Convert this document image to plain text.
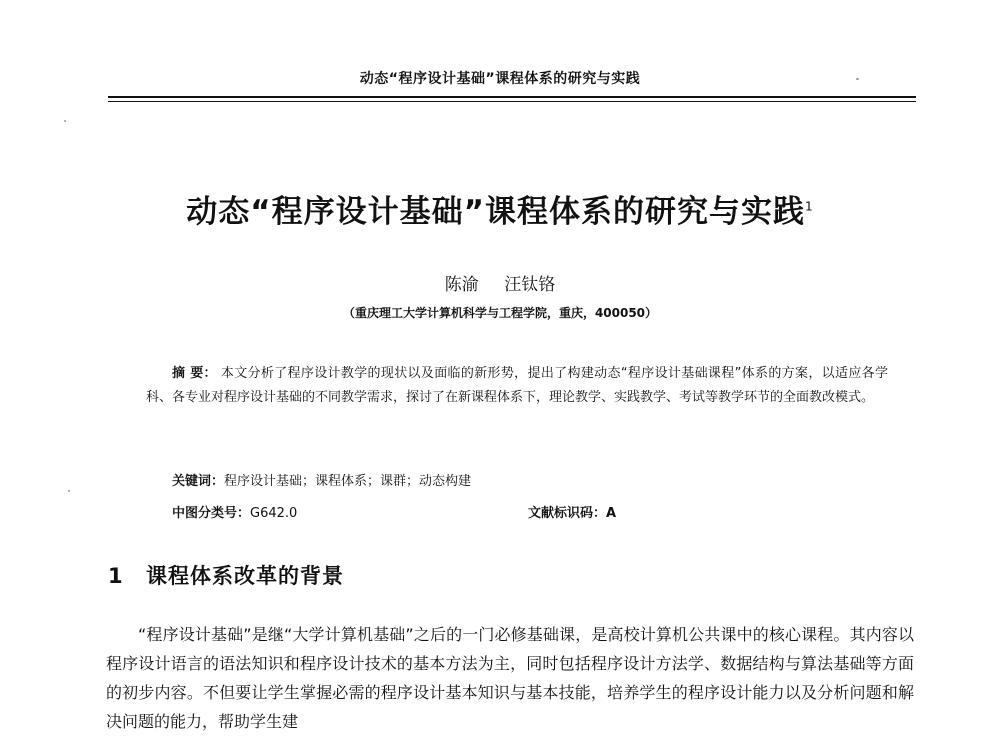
动态“程序设计基础”课程体系的研究与实践
动态“程序设计基础”课程体系的研究与实践$^1$
陈渝 汪钛铬
（重庆理工大学计算机科学与工程学院，重庆，400050）
摘 要： 本文分析了程序设计教学的现状以及面临的新形势，提出了构建动态“程序设计基础课程”体系的方案，以适应各学科、各专业对程序设计基础的不同教学需求，探讨了在新课程体系下，理论教学、实践教学、考试等教学环节的全面教改模式。
关键词：程序设计基础；课程体系；课群；动态构建
中图分类号：G642.0	文献标识码：A
1 课程体系改革的背景
“程序设计基础”是继“大学计算机基础”之后的一门必修基础课，是高校计算机公共课中的核心课程。其内容以程序设计语言的语法知识和程序设计技术的基本方法为主，同时包括程序设计方法学、数据结构与算法基础等方面的初步内容。不但要让学生掌握必需的程序设计基本知识与基本技能，培养学生的程序设计能力以及分析问题和解决问题的能力，帮助学生建
